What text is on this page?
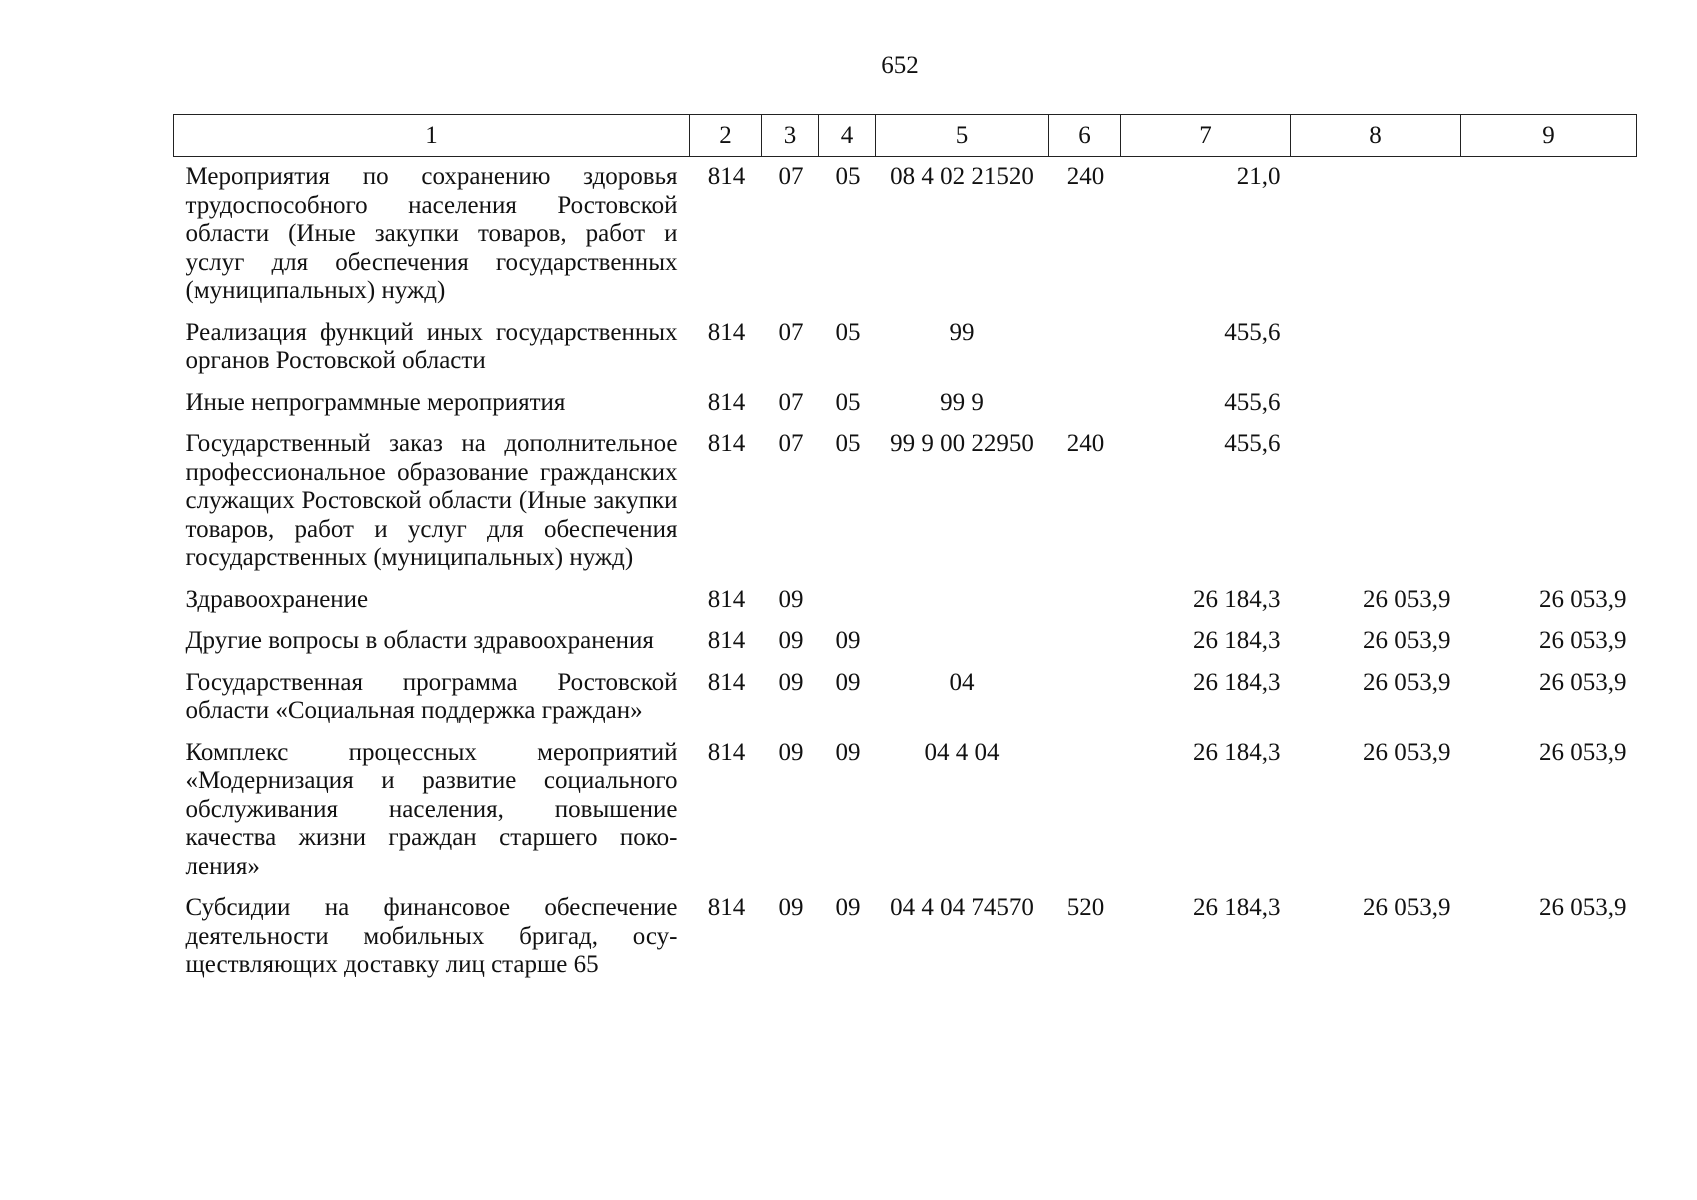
652
1	2	3	4	5	6	7	8	9
Мероприятия по сохранению здоровья трудоспособного населения Ростовской области (Иные закупки товаров, работ и услуг для обеспечения государственных (муниципальных) нужд)	814	07	05	08 4 02 21520	240	21,0		
Реализация функций иных государственных органов Ростовской области	814	07	05	99		455,6		
Иные непрограммные мероприятия	814	07	05	99 9		455,6		
Государственный заказ на дополнительное профессиональное образование гражданских служащих Ростовской области (Иные закупки товаров, работ и услуг для обеспечения государственных (муниципальных) нужд)	814	07	05	99 9 00 22950	240	455,6		
Здравоохранение	814	09				26 184,3	26 053,9	26 053,9
Другие вопросы в области здравоохранения	814	09	09			26 184,3	26 053,9	26 053,9
Государственная программа Ростовской области «Социальная поддержка граждан»	814	09	09	04		26 184,3	26 053,9	26 053,9
Комплекс процессных мероприятий «Модернизация и развитие социального обслуживания населения, повышение качества жизни граждан старшего поколения»	814	09	09	04 4 04		26 184,3	26 053,9	26 053,9
Субсидии на финансовое обеспечение деятельности мобильных бригад, осуществляющих доставку лиц старше 65	814	09	09	04 4 04 74570	520	26 184,3	26 053,9	26 053,9
